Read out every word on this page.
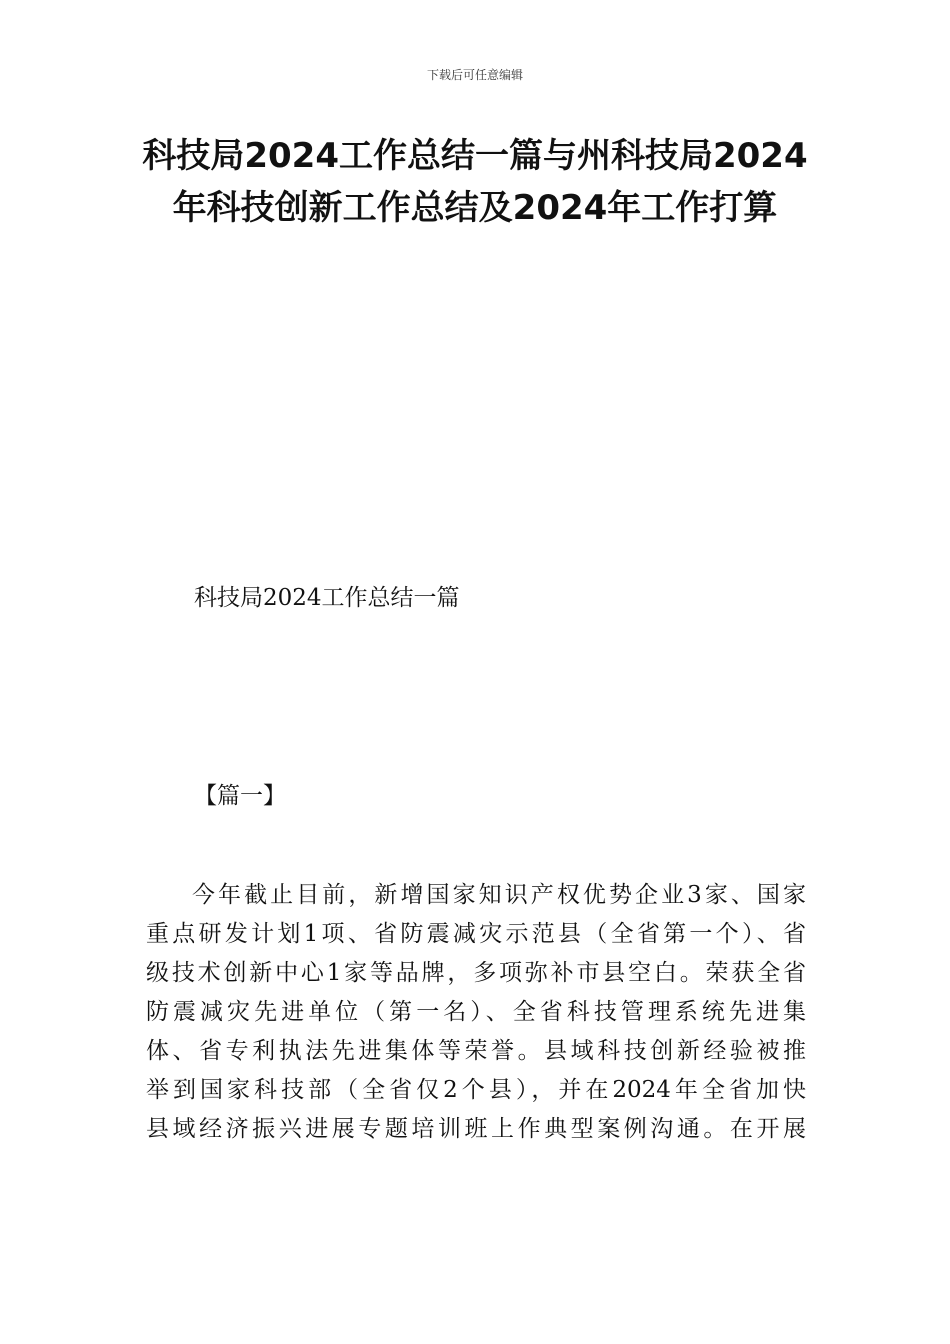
下载后可任意编辑
科技局2024工作总结一篇与州科技局2024
年科技创新工作总结及2024年工作打算
科技局2024工作总结一篇
【篇一】
今年截止目前，新增国家知识产权优势企业3家、国家
重点研发计划1项、省防震减灾示范县（全省第一个）、省
级技术创新中心1家等品牌，多项弥补市县空白。荣获全省
防震减灾先进单位（第一名）、全省科技管理系统先进集
体、省专利执法先进集体等荣誉。县域科技创新经验被推
举到国家科技部（全省仅2个县），并在2024年全省加快
县域经济振兴进展专题培训班上作典型案例沟通。在开展
